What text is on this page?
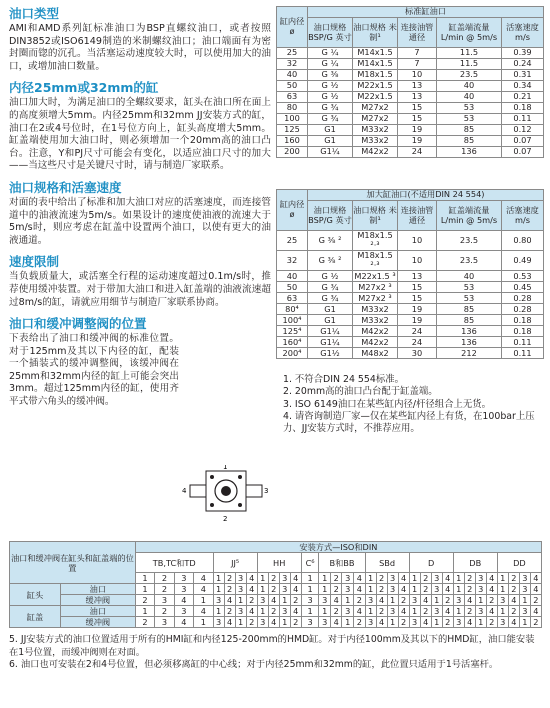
油口类型

AMI和AMD系列缸标准油口为BSP直螺纹油口，或者按照DIN3852或ISO6149制造的米制螺纹油口；油口端面有为密封圈而锪的沉孔。当活塞运动速度较大时，可以使用加大的油口，或增加油口数量。

内径25mm或32mm的缸

油口加大时，为满足油口的全螺纹要求，缸头在油口所在面上的高度须增大5mm。内径25mm和32mm JJ安装方式的缸，油口在2或4号位时，在1号位方向上，缸头高度增大5mm。缸盖端使用加大油口时，则必须增加一个20mm高的油口凸台。注意，Y和PJ尺寸可能会有变化，以适应油口尺寸的加大——当这些尺寸是关键尺寸时，请与制造厂家联系。

油口规格和活塞速度

对面的表中给出了标准和加大油口对应的活塞速度，而连接管道中的油液流速为5m/s。如果设计的速度使油液的流速大于5m/s时，则应考虑在缸盖中设置两个油口，以使有更大的油液通道。

速度限制

当负载质量大，或活塞全行程的运动速度超过0.1m/s时，推荐使用缓冲装置。对于带加大油口和进入缸盖端的油液流速超过8m/s的缸，请就应用细节与制造厂家联系协商。

油口和缓冲调整阀的位置

下表给出了油口和缓冲阀的标准位置。对于125mm及其以下内径的缸，配装一个插装式的缓冲调整阀，该缓冲阀在25mm和32mm内径的缸上可能会突出3mm。超过125mm内径的缸，使用齐平式带六角头的缓冲阀。

1
2
3
4
缸内径 ø	标准缸油口				
	油口规格 BSP/G 英寸	油口规格 米制¹	连接油管通径	缸盖端流量 L/min @ 5m/s	活塞速度 m/s
25	G ¼	M14x1.5	7	11.5	0.39
32	G ¼	M14x1.5	7	11.5	0.24
40	G ⅜	M18x1.5	10	23.5	0.31
50	G ½	M22x1.5	13	40	0.34
63	G ½	M22x1.5	13	40	0.21
80	G ¾	M27x2	15	53	0.18
100	G ¾	M27x2	15	53	0.11
125	G1	M33x2	19	85	0.12
160	G1	M33x2	19	85	0.07
200	G1¼	M42x2	24	136	0.07
缸内径 ø	加大缸油口(不适用DIN 24 554)				
	油口规格 BSP/G 英寸	油口规格 米制¹	连接油管通径	缸盖端流量 L/min @ 5m/s	活塞速度 m/s
25	G ⅜ ²	M18x1.5 ²·³	10	23.5	0.80
32	G ⅜ ²	M18x1.5 ²·³	10	23.5	0.49
40	G ½	M22x1.5 ³	13	40	0.53
50	G ¾	M27x2 ³	15	53	0.45
63	G ¾	M27x2 ³	15	53	0.28
80⁴	G1	M33x2	19	85	0.28
100⁴	G1	M33x2	19	85	0.18
125⁴	G1¼	M42x2	24	136	0.18
160⁴	G1¼	M42x2	24	136	0.11
200⁴	G1½	M48x2	30	212	0.11
1. 不符合DIN 24 554标准。
2. 20mm高的油口凸台配于缸盖端。
3. ISO 6149油口在某些缸内径/杆径组合上无货。
4. 请咨询制造厂家—仅在某些缸内径上有货，在100bar上压力、JJ安装方式时，不推荐应用。
油口和缓冲阀在缸头和缸盖端的位置		安装方式—ISO和DIN																																
		TB,TC和TD				JJ⁵				HH				C⁶	B和BB				SBd				D				DB				DD			
		1	2	3	4	1	2	3	4	1	2	3	4	1	1	2	3	4	1	2	3	4	1	2	3	4	1	2	3	4	1	2	3	4
缸头	油口	1	2	3	4	1	2	3	4	1	2	3	4	1	1	2	3	4	1	2	3	4	1	2	3	4	1	2	3	4	1	2	3	4
	缓冲阀	2	3	4	1	3	4	1	2	3	4	1	2	3	3	4	1	2	3	4	1	2	3	4	1	2	3	4	1	2	3	4	1	2
缸盖	油口	1	2	3	4	1	2	3	4	1	2	3	4	1	1	2	3	4	1	2	3	4	1	2	3	4	1	2	3	4	1	2	3	4
	缓冲阀	2	3	4	1	3	4	1	2	3	4	1	2	3	3	4	1	2	3	4	1	2	3	4	1	2	3	4	1	2	3	4	1	2
5. JJ安装方式的油口位置适用于所有的HMI缸和内径125-200mm的HMD缸。对于内径100mm及其以下的HMD缸，油口能安装在1号位置，而缓冲阀则在对面。
6. 油口也可安装在2和4号位置，但必须移离缸的中心线；对于内径25mm和32mm的缸，此位置只适用于1号活塞杆。
